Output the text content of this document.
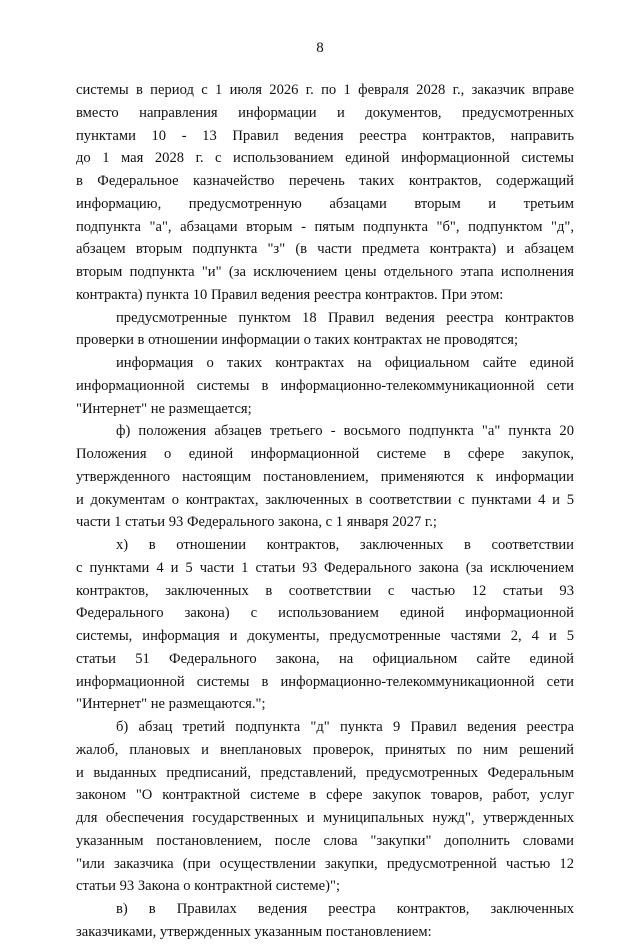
8
системы в период с 1 июля 2026 г. по 1 февраля 2028 г., заказчик вправе
вместо направления информации и документов, предусмотренных
пунктами 10 - 13 Правил ведения реестра контрактов, направить
до 1 мая 2028 г. с использованием единой информационной системы
в Федеральное казначейство перечень таких контрактов, содержащий
информацию, предусмотренную абзацами вторым и третьим
подпункта "а", абзацами вторым - пятым подпункта "б", подпунктом "д",
абзацем вторым подпункта "з" (в части предмета контракта) и абзацем
вторым подпункта "и" (за исключением цены отдельного этапа исполнения
контракта) пункта 10 Правил ведения реестра контрактов. При этом:
предусмотренные пунктом 18 Правил ведения реестра контрактов
проверки в отношении информации о таких контрактах не проводятся;
информация о таких контрактах на официальном сайте единой
информационной системы в информационно-телекоммуникационной сети
"Интернет" не размещается;
ф) положения абзацев третьего - восьмого подпункта "а" пункта 20
Положения о единой информационной системе в сфере закупок,
утвержденного настоящим постановлением, применяются к информации
и документам о контрактах, заключенных в соответствии с пунктами 4 и 5
части 1 статьи 93 Федерального закона, с 1 января 2027 г.;
х) в отношении контрактов, заключенных в соответствии
с пунктами 4 и 5 части 1 статьи 93 Федерального закона (за исключением
контрактов, заключенных в соответствии с частью 12 статьи 93
Федерального закона) с использованием единой информационной
системы, информация и документы, предусмотренные частями 2, 4 и 5
статьи 51 Федерального закона, на официальном сайте единой
информационной системы в информационно-телекоммуникационной сети
"Интернет" не размещаются.";
б) абзац третий подпункта "д" пункта 9 Правил ведения реестра
жалоб, плановых и внеплановых проверок, принятых по ним решений
и выданных предписаний, представлений, предусмотренных Федеральным
законом "О контрактной системе в сфере закупок товаров, работ, услуг
для обеспечения государственных и муниципальных нужд", утвержденных
указанным постановлением, после слова "закупки" дополнить словами
"или заказчика (при осуществлении закупки, предусмотренной частью 12
статьи 93 Закона о контрактной системе)";
в) в Правилах ведения реестра контрактов, заключенных
заказчиками, утвержденных указанным постановлением:
